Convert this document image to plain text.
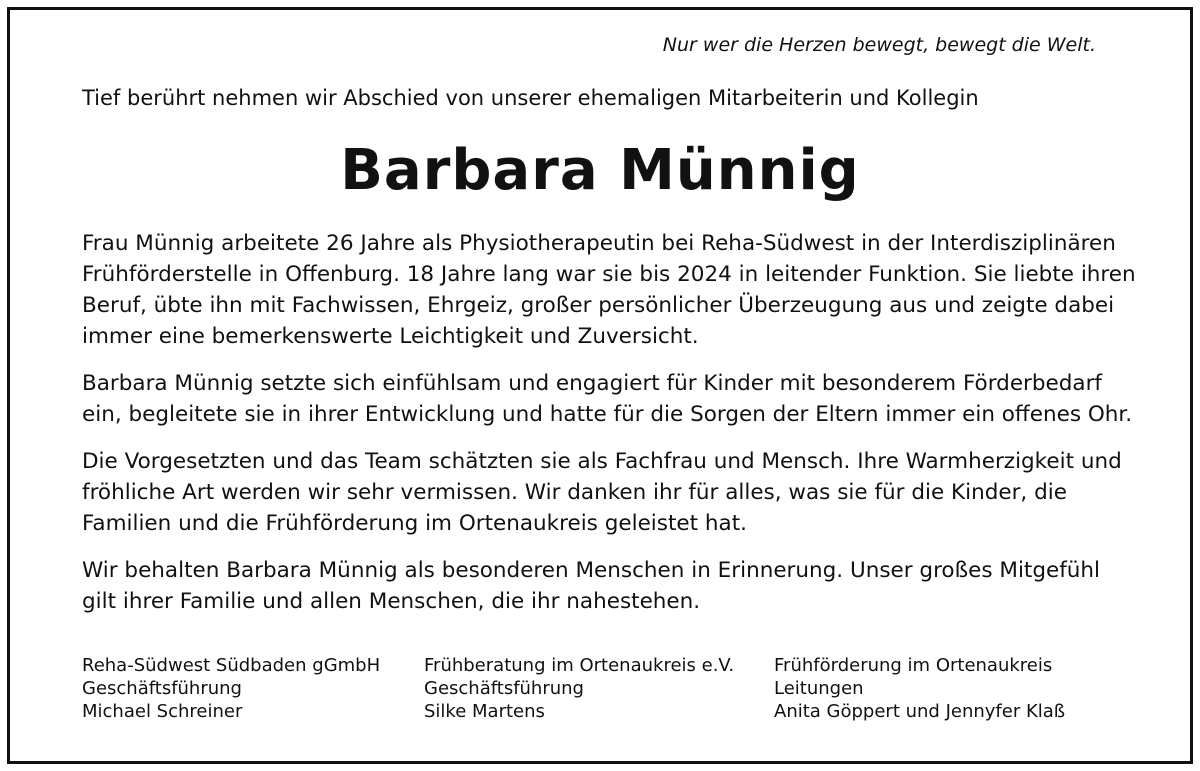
Nur wer die Herzen bewegt, bewegt die Welt.
Tief berührt nehmen wir Abschied von unserer ehemaligen Mitarbeiterin und Kollegin
Barbara Münnig

Frau Münnig arbeitete 26 Jahre als Physiotherapeutin bei Reha-Südwest in der Interdisziplinären
Frühförderstelle in Offenburg. 18 Jahre lang war sie bis 2024 in leitender Funktion. Sie liebte ihren
Beruf, übte ihn mit Fachwissen, Ehrgeiz, großer persönlicher Überzeugung aus und zeigte dabei
immer eine bemerkenswerte Leichtigkeit und Zuversicht.

Barbara Münnig setzte sich einfühlsam und engagiert für Kinder mit besonderem Förderbedarf
ein, begleitete sie in ihrer Entwicklung und hatte für die Sorgen der Eltern immer ein offenes Ohr.

Die Vorgesetzten und das Team schätzten sie als Fachfrau und Mensch. Ihre Warmherzigkeit und
fröhliche Art werden wir sehr vermissen. Wir danken ihr für alles, was sie für die Kinder, die
Familien und die Frühförderung im Ortenaukreis geleistet hat.

Wir behalten Barbara Münnig als besonderen Menschen in Erinnerung. Unser großes Mitgefühl
gilt ihrer Familie und allen Menschen, die ihr nahestehen.

Reha-Südwest Südbaden gGmbH
Geschäftsführung
Michael Schreiner
Frühberatung im Ortenaukreis e.V.
Geschäftsführung
Silke Martens
Frühförderung im Ortenaukreis
Leitungen
Anita Göppert und Jennyfer Klaß
